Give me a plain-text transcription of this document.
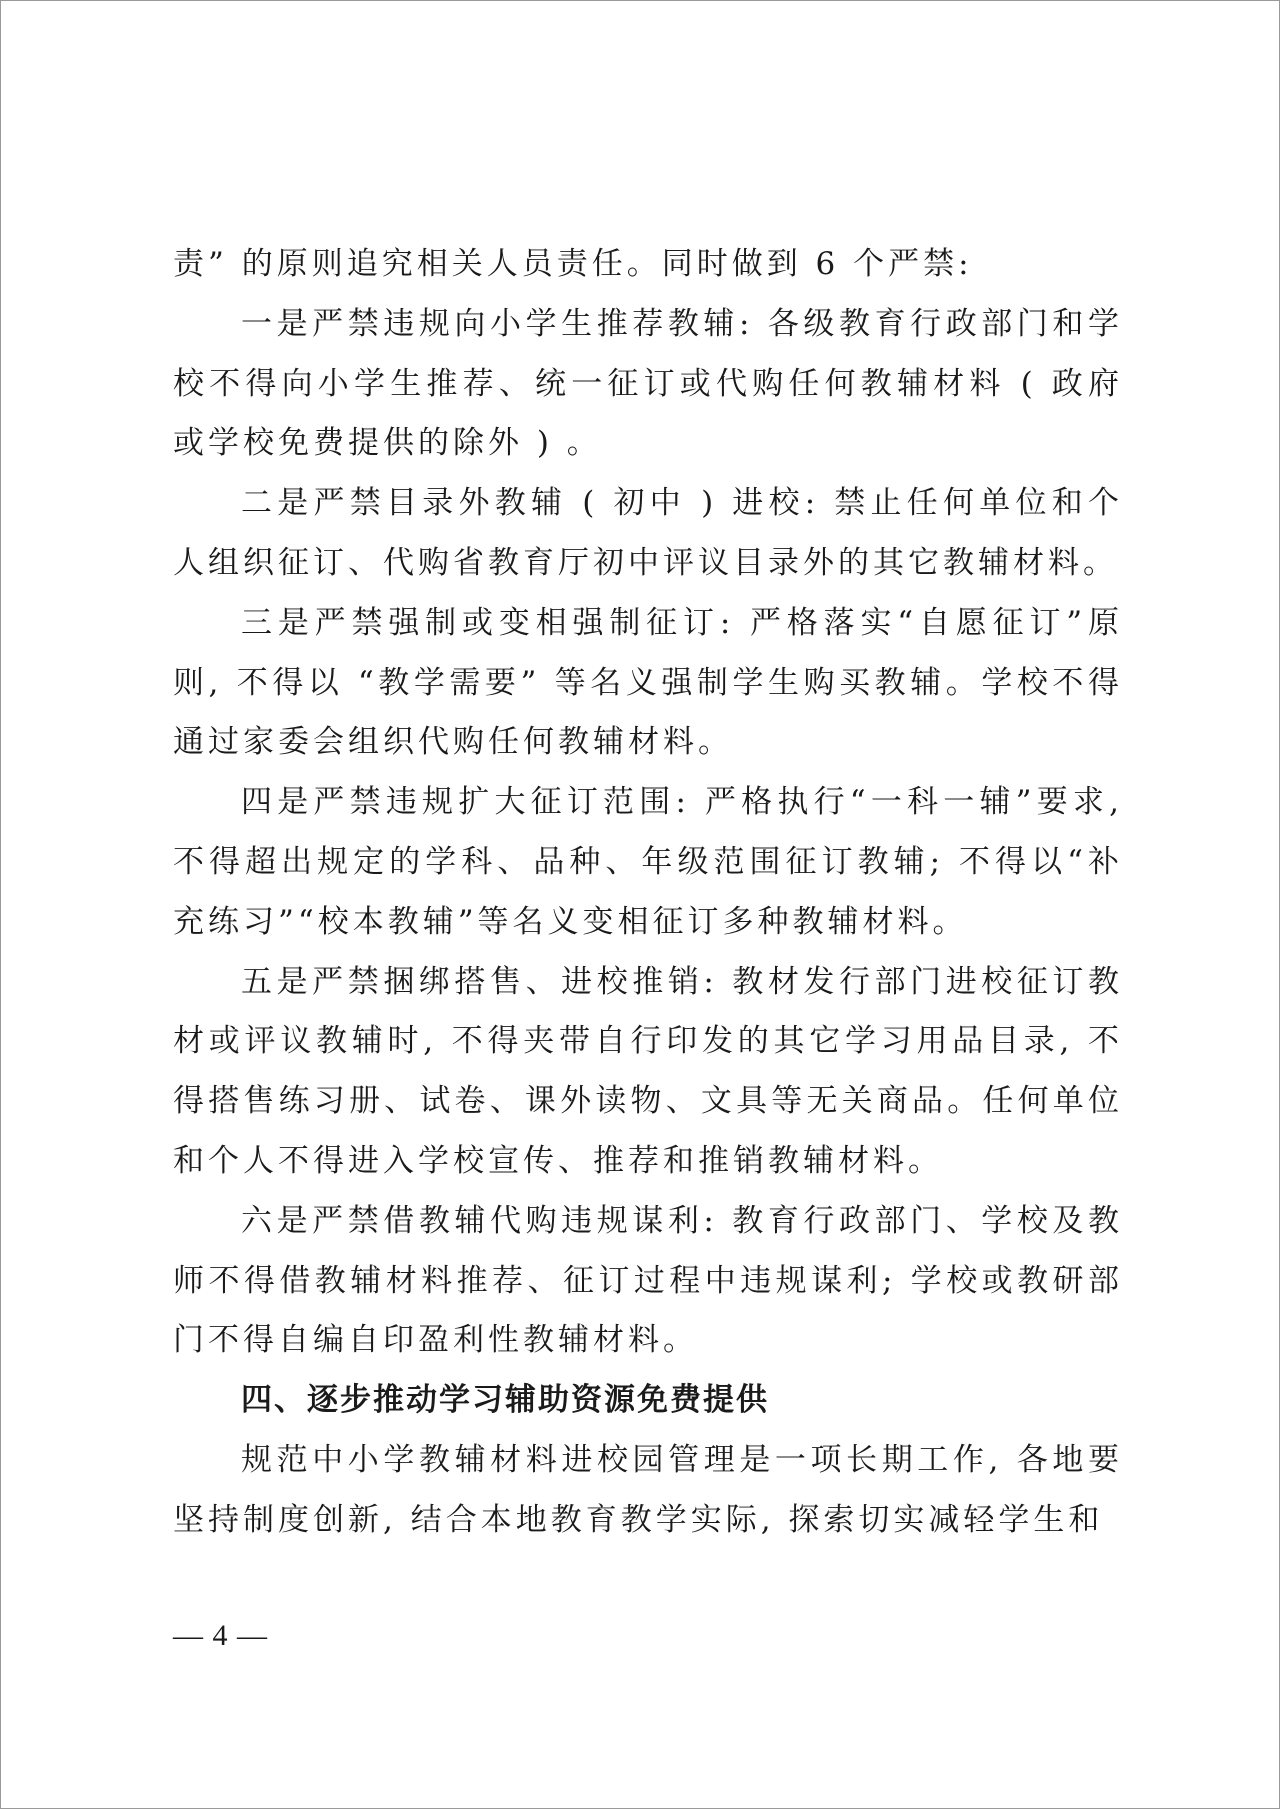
责” 的原则追究相关人员责任。同时做到 6 个严禁:

一是严禁违规向小学生推荐教辅: 各级教育行政部门和学校不得向小学生推荐、统一征订或代购任何教辅材料 ( 政府或学校免费提供的除外 ) 。

二是严禁目录外教辅 ( 初中 ) 进校: 禁止任何单位和个人组织征订、代购省教育厅初中评议目录外的其它教辅材料。

三是严禁强制或变相强制征订: 严格落实“自愿征订”原则, 不得以 “教学需要” 等名义强制学生购买教辅。学校不得通过家委会组织代购任何教辅材料。

四是严禁违规扩大征订范围: 严格执行“一科一辅”要求, 不得超出规定的学科、品种、年级范围征订教辅; 不得以“补充练习”“校本教辅”等名义变相征订多种教辅材料。

五是严禁捆绑搭售、进校推销: 教材发行部门进校征订教材或评议教辅时, 不得夹带自行印发的其它学习用品目录, 不得搭售练习册、试卷、课外读物、文具等无关商品。任何单位和个人不得进入学校宣传、推荐和推销教辅材料。

六是严禁借教辅代购违规谋利: 教育行政部门、学校及教师不得借教辅材料推荐、征订过程中违规谋利; 学校或教研部门不得自编自印盈利性教辅材料。

四、逐步推动学习辅助资源免费提供

规范中小学教辅材料进校园管理是一项长期工作, 各地要坚持制度创新, 结合本地教育教学实际, 探索切实减轻学生和

— 4 —
